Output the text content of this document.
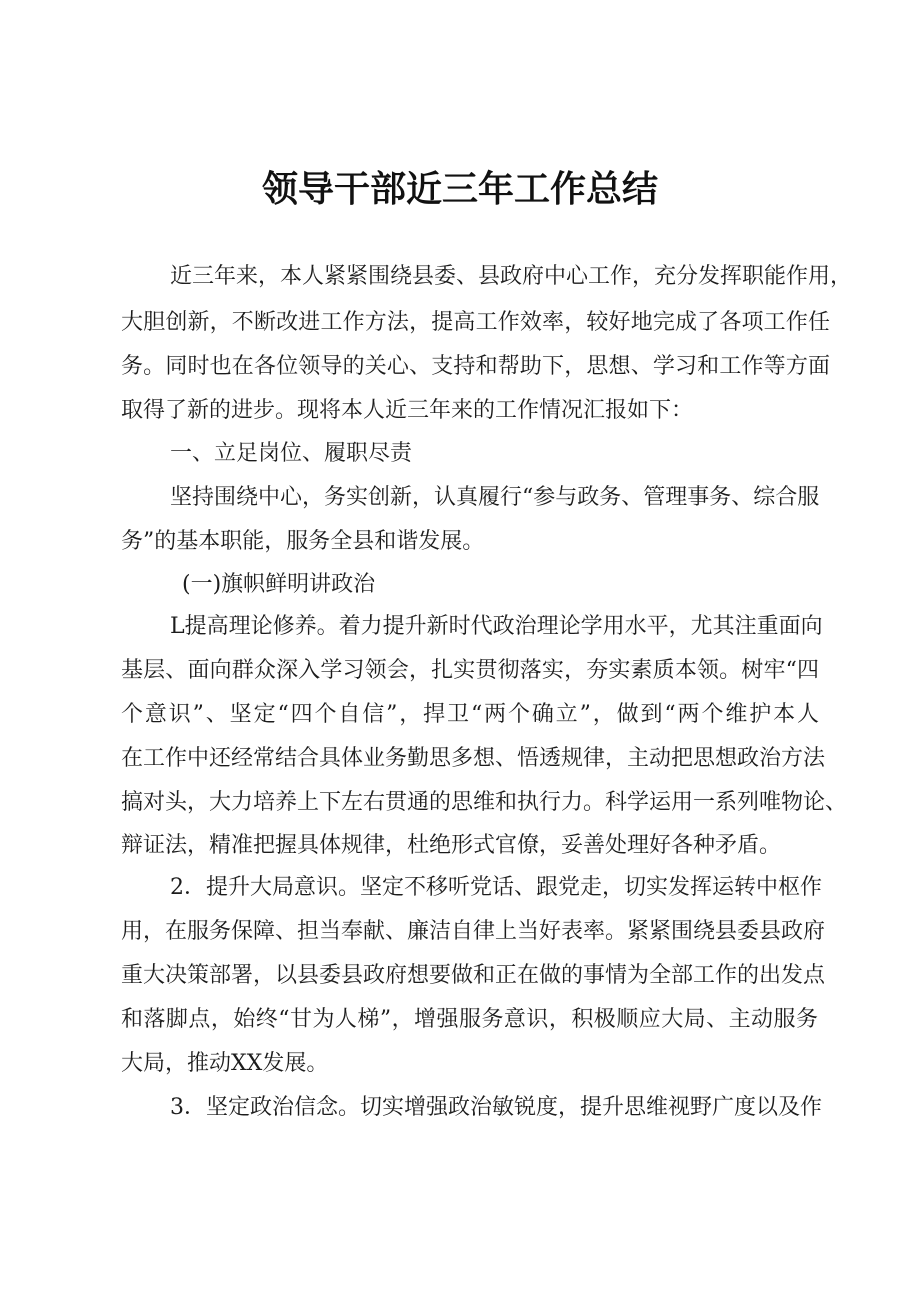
领导干部近三年工作总结
近三年来，本人紧紧围绕县委、县政府中心工作，充分发挥职能作用，
大胆创新，不断改进工作方法，提高工作效率，较好地完成了各项工作任
务。同时也在各位领导的关心、支持和帮助下，思想、学习和工作等方面
取得了新的进步。现将本人近三年来的工作情况汇报如下：
一、立足岗位、履职尽责
坚持围绕中心，务实创新，认真履行“参与政务、管理事务、综合服
务”的基本职能，服务全县和谐发展。
(一)旗帜鲜明讲政治
L提高理论修养。着力提升新时代政治理论学用水平，尤其注重面向
基层、面向群众深入学习领会，扎实贯彻落实，夯实素质本领。树牢“四
个意识”、坚定“四个自信”，捍卫“两个确立”，做到“两个维护本人
在工作中还经常结合具体业务勤思多想、悟透规律，主动把思想政治方法
搞对头，大力培养上下左右贯通的思维和执行力。科学运用一系列唯物论、
辩证法，精准把握具体规律，杜绝形式官僚，妥善处理好各种矛盾。
2．提升大局意识。坚定不移听党话、跟党走，切实发挥运转中枢作
用，在服务保障、担当奉献、廉洁自律上当好表率。紧紧围绕县委县政府
重大决策部署，以县委县政府想要做和正在做的事情为全部工作的出发点
和落脚点，始终“甘为人梯”，增强服务意识，积极顺应大局、主动服务
大局，推动XX发展。
3．坚定政治信念。切实增强政治敏锐度，提升思维视野广度以及作
